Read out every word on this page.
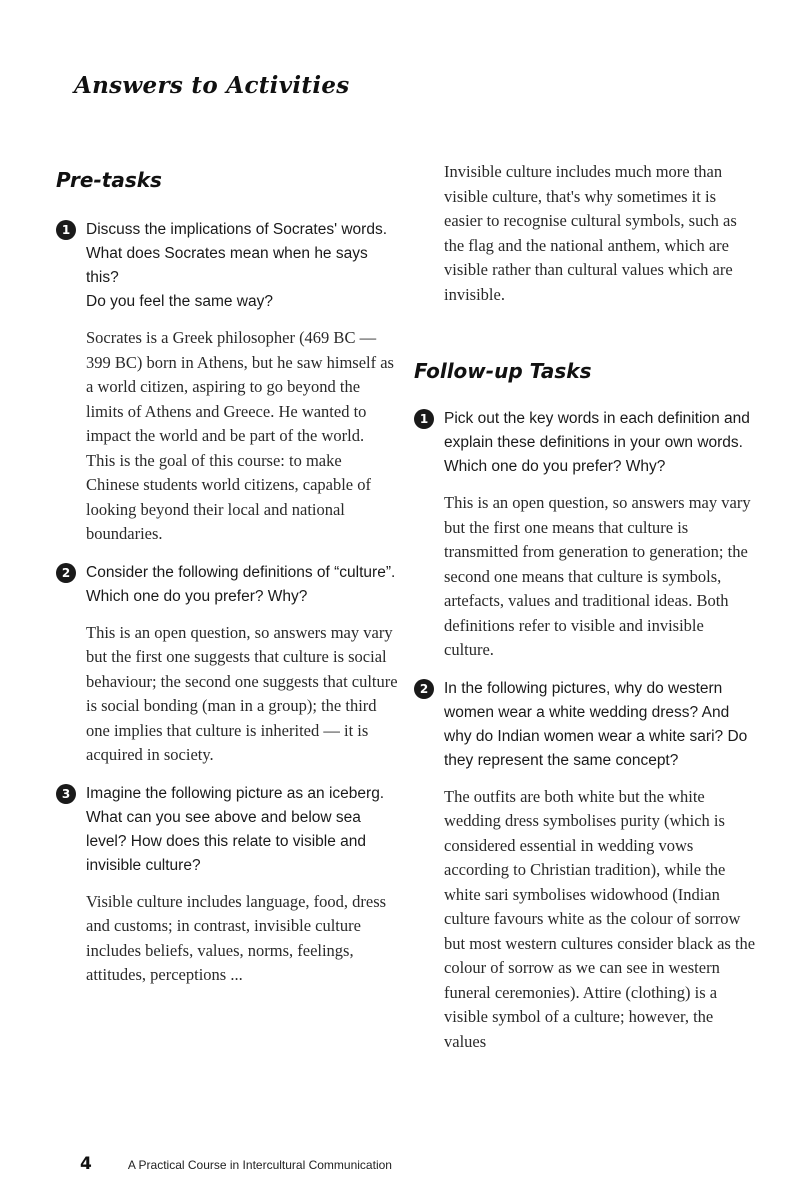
Answers to Activities
Pre-tasks
1	Discuss the implications of Socrates' words.
What does Socrates mean when he says this?
Do you feel the same way?

Socrates is a Greek philosopher (469 BC — 399 BC) born in Athens, but he saw himself as a world citizen, aspiring to go beyond the limits of Athens and Greece. He wanted to impact the world and be part of the world.

This is the goal of this course: to make Chinese students world citizens, capable of looking beyond their local and national boundaries.

2	Consider the following definitions of “culture”.
Which one do you prefer? Why?

This is an open question, so answers may vary but the first one suggests that culture is social behaviour; the second one suggests that culture is social bonding (man in a group); the third one implies that culture is inherited — it is acquired in society.

3	Imagine the following picture as an iceberg. What can you see above and below sea level? How does this relate to visible and invisible culture?

Visible culture includes language, food, dress and customs; in contrast, invisible culture includes beliefs, values, norms, feelings, attitudes, perceptions ...

Invisible culture includes much more than visible culture, that's why sometimes it is easier to recognise cultural symbols, such as the flag and the national anthem, which are visible rather than cultural values which are invisible.
Follow-up Tasks
1	Pick out the key words in each definition and explain these definitions in your own words. Which one do you prefer? Why?

This is an open question, so answers may vary but the first one means that culture is transmitted from generation to generation; the second one means that culture is symbols, artefacts, values and traditional ideas. Both definitions refer to visible and invisible culture.

2	In the following pictures, why do western women wear a white wedding dress? And why do Indian women wear a white sari? Do they represent the same concept?

The outfits are both white but the white wedding dress symbolises purity (which is considered essential in wedding vows according to Christian tradition), while the white sari symbolises widowhood (Indian culture favours white as the colour of sorrow but most western cultures consider black as the colour of sorrow as we can see in western funeral ceremonies). Attire (clothing) is a visible symbol of a culture; however, the values

4	A Practical Course in Intercultural Communication
